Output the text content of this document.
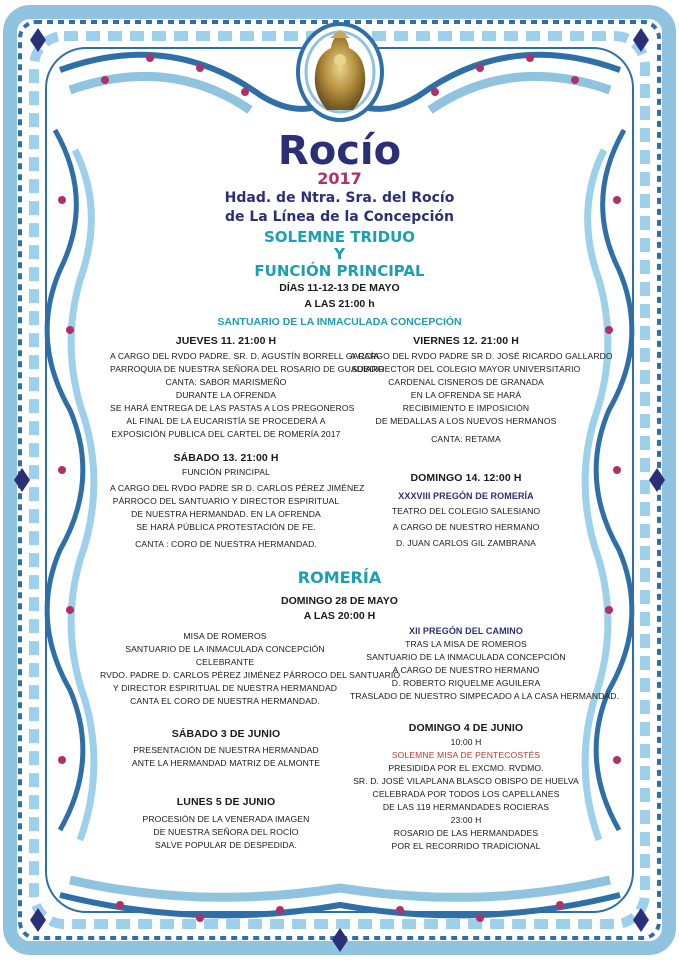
Rocío
2017
Hdad. de Ntra. Sra. del Rocío
de La Línea de la Concepción
SOLEMNE TRIDUO
Y
FUNCIÓN PRINCIPAL
DÍAS 11-12-13 DE MAYO
A LAS 21:00 h
SANTUARIO DE LA INMACULADA CONCEPCIÓN
JUEVES 11. 21:00 H
A CARGO DEL RVDO PADRE. SR. D. AGUSTÍN BORRELL GARCÍA
PARROQUIA DE NUESTRA SEÑORA DEL ROSARIO DE GUADIARO
CANTA: SABOR MARISMEÑO
DURANTE LA OFRENDA
SE HARÁ ENTREGA DE LAS PASTAS A LOS PREGONEROS
AL FINAL DE LA EUCARISTÍA SE PROCEDERÁ A
EXPOSICIÓN PUBLICA DEL CARTEL DE ROMERÍA 2017
VIERNES 12. 21:00 H
A CARGO DEL RVDO PADRE SR D. JOSÉ RICARDO GALLARDO
SUBDIRECTOR DEL COLEGIO MAYOR UNIVERSITARIO
CARDENAL CISNEROS DE GRANADA
EN LA OFRENDA SE HARÁ
RECIBIMIENTO E IMPOSICIÓN
DE MEDALLAS A LOS NUEVOS HERMANOS
CANTA: RETAMA
SÁBADO 13. 21:00 H
FUNCIÓN PRINCIPAL
A CARGO DEL RVDO PADRE SR D. CARLOS PÉREZ JIMÉNEZ
PÁRROCO DEL SANTUARIO Y DIRECTOR ESPIRITUAL
DE NUESTRA HERMANDAD. EN LA OFRENDA
SE HARÁ PÚBLICA PROTESTACIÓN DE FE.
CANTA : CORO DE NUESTRA HERMANDAD.
DOMINGO 14. 12:00 H
XXXVIII PREGÓN DE ROMERÍA
TEATRO DEL COLEGIO SALESIANO
A CARGO DE NUESTRO HERMANO
D. JUAN CARLOS GIL ZAMBRANA
ROMERÍA
DOMINGO 28 DE MAYO
A LAS 20:00 H
MISA DE ROMEROS
SANTUARIO DE LA INMACULADA CONCEPCIÓN
CELEBRANTE
RVDO. PADRE D. CARLOS PÉREZ JIMÉNEZ PÁRROCO DEL SANTUARIO
Y DIRECTOR ESPIRITUAL DE NUESTRA HERMANDAD
CANTA EL CORO DE NUESTRA HERMANDAD.
XII PREGÓN DEL CAMINO
TRAS LA MISA DE ROMEROS
SANTUARIO DE LA INMACULADA CONCEPCIÓN
A CARGO DE NUESTRO HERMANO
D. ROBERTO RIQUELME AGUILERA
TRASLADO DE NUESTRO SIMPECADO A LA CASA HERMANDAD.
SÁBADO 3 DE JUNIO
PRESENTACIÓN DE NUESTRA HERMANDAD
ANTE LA HERMANDAD MATRIZ DE ALMONTE
DOMINGO 4 DE JUNIO
10:00 H
SOLEMNE MISA DE PENTECOSTÉS
PRESIDIDA POR EL EXCMO. RVDMO.
SR. D. JOSÉ VILAPLANA BLASCO OBISPO DE HUELVA
CELEBRADA POR TODOS LOS CAPELLANES
DE LAS 119 HERMANDADES ROCIERAS
23:00 H
ROSARIO DE LAS HERMANDADES
POR EL RECORRIDO TRADICIONAL
LUNES 5 DE JUNIO
PROCESIÓN DE LA VENERADA IMAGEN
DE NUESTRA SEÑORA DEL ROCÍO
SALVE POPULAR DE DESPEDIDA.
